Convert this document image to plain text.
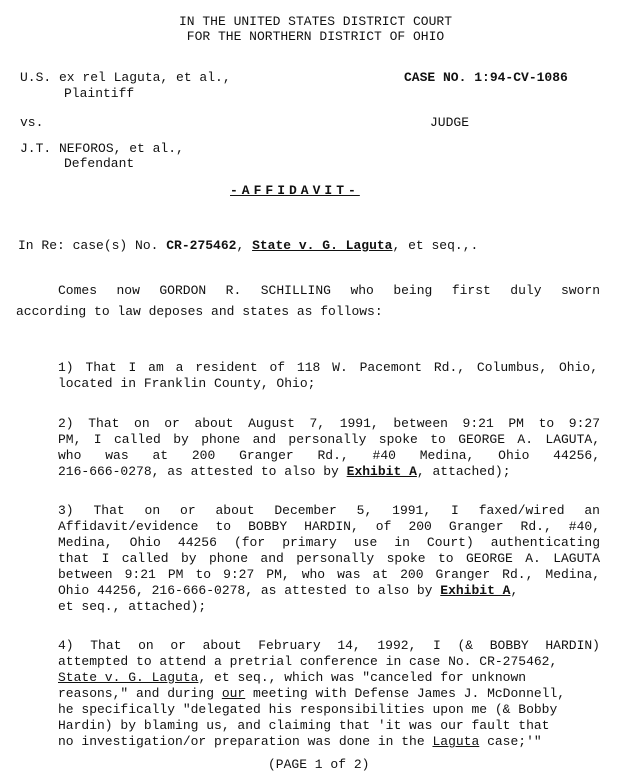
IN THE UNITED STATES DISTRICT COURT
FOR THE NORTHERN DISTRICT OF OHIO
U.S. ex rel Laguta, et al.,
Plaintiff
CASE NO. 1:94-CV-1086
vs.	JUDGE
J.T. NEFOROS, et al.,
Defendant
-AFFIDAVIT-
In Re: case(s) No. CR-275462, State v. G. Laguta, et seq.,.
Comes now GORDON R. SCHILLING who being first duly sworn
according to law deposes and states as follows:
1) That I am a resident of 118 W. Pacemont Rd., Columbus, Ohio,
located in Franklin County, Ohio;
2) That on or about August 7, 1991, between 9:21 PM to 9:27
PM, I called by phone and personally spoke to GEORGE A. LAGUTA,
who was at 200 Granger Rd., #40 Medina, Ohio 44256,
216-666-0278, as attested to also by Exhibit A, attached);
3) That on or about December 5, 1991, I faxed/wired an
Affidavit/evidence to BOBBY HARDIN, of 200 Granger Rd., #40,
Medina, Ohio 44256 (for primary use in Court) authenticating
that I called by phone and personally spoke to GEORGE A. LAGUTA
between 9:21 PM to 9:27 PM, who was at 200 Granger Rd., Medina,
Ohio 44256, 216-666-0278, as attested to also by Exhibit A,
et seq., attached);
4) That on or about February 14, 1992, I (& BOBBY HARDIN)
attempted to attend a pretrial conference in case No. CR-275462,
State v. G. Laguta, et seq., which was "canceled for unknown
reasons," and during our meeting with Defense James J. McDonnell,
he specifically "delegated his responsibilities upon me (& Bobby
Hardin) by blaming us, and claiming that 'it was our fault that
no investigation/or preparation was done in the Laguta case;'"
(PAGE 1 of 2)
